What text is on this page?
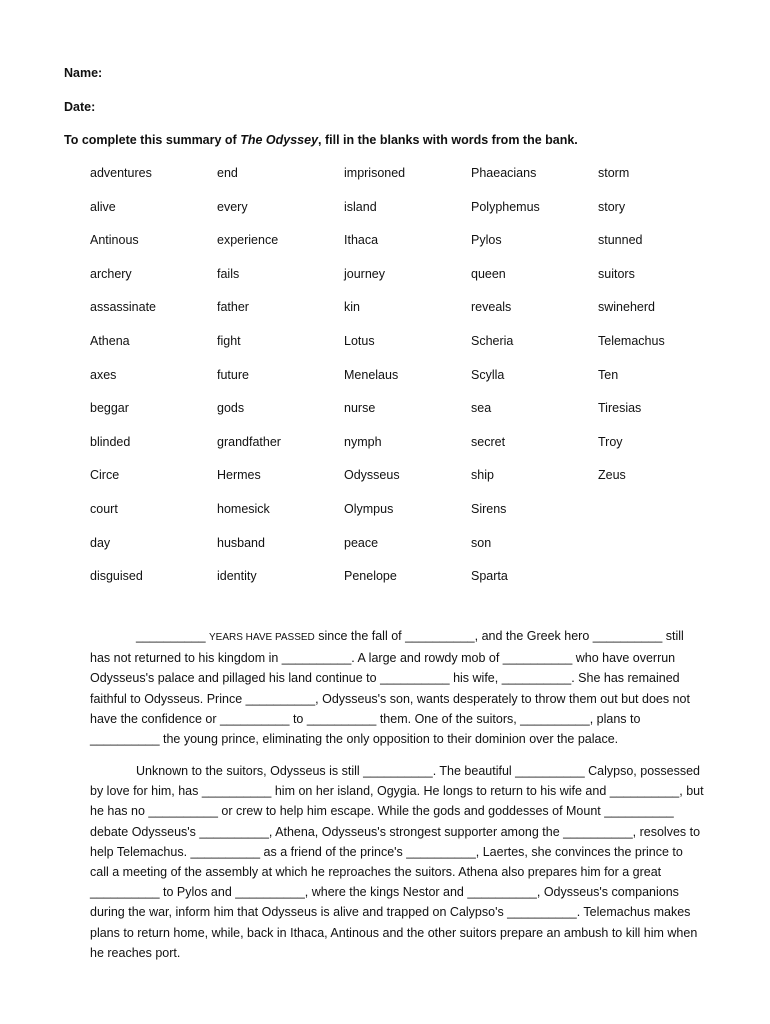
Name:
Date:
To complete this summary of The Odyssey, fill in the blanks with words from the bank.
adventures	end	imprisoned	Phaeacians	storm
alive	every	island	Polyphemus	story
Antinous	experience	Ithaca	Pylos	stunned
archery	fails	journey	queen	suitors
assassinate	father	kin	reveals	swineherd
Athena	fight	Lotus	Scheria	Telemachus
axes	future	Menelaus	Scylla	Ten
beggar	gods	nurse	sea	Tiresias
blinded	grandfather	nymph	secret	Troy
Circe	Hermes	Odysseus	ship	Zeus
court	homesick	Olympus	Sirens
day	husband	peace	son
disguised	identity	Penelope	Sparta
__________ YEARS HAVE PASSED since the fall of __________, and the Greek hero __________ still
has not returned to his kingdom in __________. A large and rowdy mob of __________ who have overrun
Odysseus's palace and pillaged his land continue to __________ his wife, __________. She has remained
faithful to Odysseus. Prince __________, Odysseus's son, wants desperately to throw them out but does not
have the confidence or __________ to __________ them. One of the suitors, __________, plans to
__________ the young prince, eliminating the only opposition to their dominion over the palace.
Unknown to the suitors, Odysseus is still __________. The beautiful __________ Calypso, possessed
by love for him, has __________ him on her island, Ogygia. He longs to return to his wife and __________, but
he has no __________ or crew to help him escape. While the gods and goddesses of Mount __________
debate Odysseus's __________, Athena, Odysseus's strongest supporter among the __________, resolves to
help Telemachus. __________ as a friend of the prince's __________, Laertes, she convinces the prince to
call a meeting of the assembly at which he reproaches the suitors. Athena also prepares him for a great
__________ to Pylos and __________, where the kings Nestor and __________, Odysseus's companions
during the war, inform him that Odysseus is alive and trapped on Calypso's __________. Telemachus makes
plans to return home, while, back in Ithaca, Antinous and the other suitors prepare an ambush to kill him when
he reaches port.
